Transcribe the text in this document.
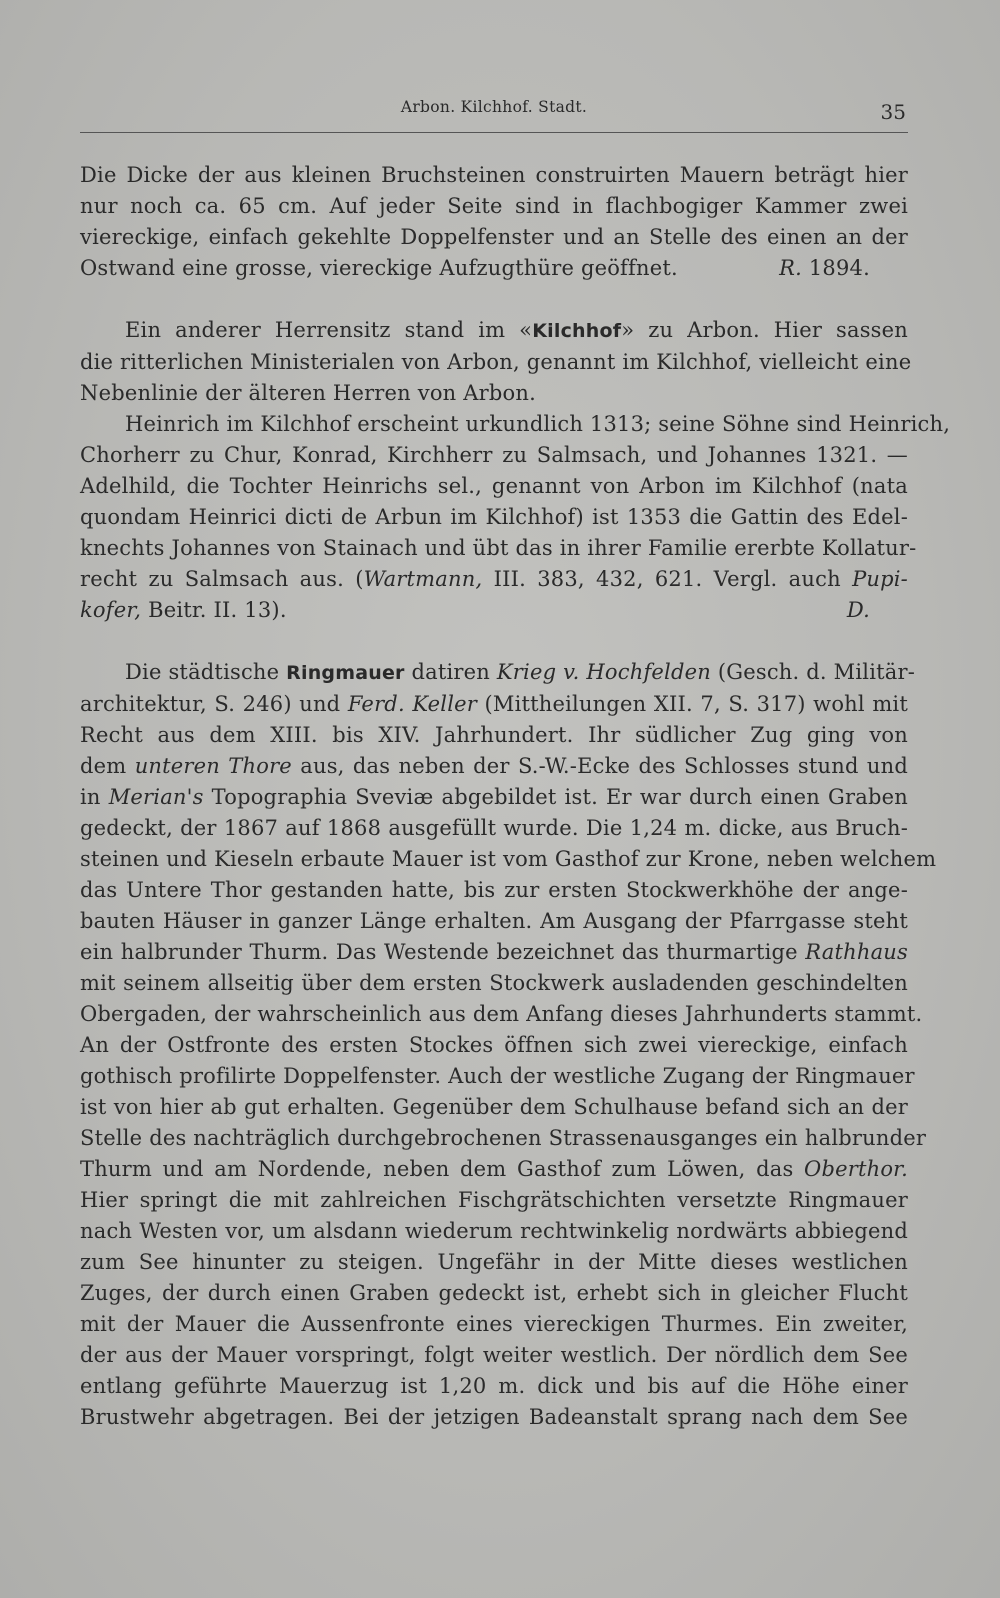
Arbon. Kilchhof. Stadt.	35

Die Dicke der aus kleinen Bruchsteinen construirten Mauern beträgt hier
nur noch ca. 65 cm. Auf jeder Seite sind in flachbogiger Kammer zwei
viereckige, einfach gekehlte Doppelfenster und an Stelle des einen an der
Ostwand eine grosse, viereckige Aufzugthüre geöffnet.	R. 1894.

Ein anderer Herrensitz stand im «Kilchhof» zu Arbon. Hier sassen
die ritterlichen Ministerialen von Arbon, genannt im Kilchhof, vielleicht eine
Nebenlinie der älteren Herren von Arbon.

Heinrich im Kilchhof erscheint urkundlich 1313; seine Söhne sind Heinrich,
Chorherr zu Chur, Konrad, Kirchherr zu Salmsach, und Johannes 1321. —
Adelhild, die Tochter Heinrichs sel., genannt von Arbon im Kilchhof (nata
quondam Heinrici dicti de Arbun im Kilchhof) ist 1353 die Gattin des Edel-
knechts Johannes von Stainach und übt das in ihrer Familie ererbte Kollatur-
recht zu Salmsach aus. (Wartmann, III. 383, 432, 621. Vergl. auch Pupi-
kofer, Beitr. II. 13).	D.

Die städtische Ringmauer datiren Krieg v. Hochfelden (Gesch. d. Militär-
architektur, S. 246) und Ferd. Keller (Mittheilungen XII. 7, S. 317) wohl mit
Recht aus dem XIII. bis XIV. Jahrhundert. Ihr südlicher Zug ging von
dem unteren Thore aus, das neben der S.-W.-Ecke des Schlosses stund und
in Merian's Topographia Sveviæ abgebildet ist. Er war durch einen Graben
gedeckt, der 1867 auf 1868 ausgefüllt wurde. Die 1,24 m. dicke, aus Bruch-
steinen und Kieseln erbaute Mauer ist vom Gasthof zur Krone, neben welchem
das Untere Thor gestanden hatte, bis zur ersten Stockwerkhöhe der ange-
bauten Häuser in ganzer Länge erhalten. Am Ausgang der Pfarrgasse steht
ein halbrunder Thurm. Das Westende bezeichnet das thurmartige Rathhaus
mit seinem allseitig über dem ersten Stockwerk ausladenden geschindelten
Obergaden, der wahrscheinlich aus dem Anfang dieses Jahrhunderts stammt.
An der Ostfronte des ersten Stockes öffnen sich zwei viereckige, einfach
gothisch profilirte Doppelfenster. Auch der westliche Zugang der Ringmauer
ist von hier ab gut erhalten. Gegenüber dem Schulhause befand sich an der
Stelle des nachträglich durchgebrochenen Strassenausganges ein halbrunder
Thurm und am Nordende, neben dem Gasthof zum Löwen, das Oberthor.
Hier springt die mit zahlreichen Fischgrätschichten versetzte Ringmauer
nach Westen vor, um alsdann wiederum rechtwinkelig nordwärts abbiegend
zum See hinunter zu steigen. Ungefähr in der Mitte dieses westlichen
Zuges, der durch einen Graben gedeckt ist, erhebt sich in gleicher Flucht
mit der Mauer die Aussenfronte eines viereckigen Thurmes. Ein zweiter,
der aus der Mauer vorspringt, folgt weiter westlich. Der nördlich dem See
entlang geführte Mauerzug ist 1,20 m. dick und bis auf die Höhe einer
Brustwehr abgetragen. Bei der jetzigen Badeanstalt sprang nach dem See
